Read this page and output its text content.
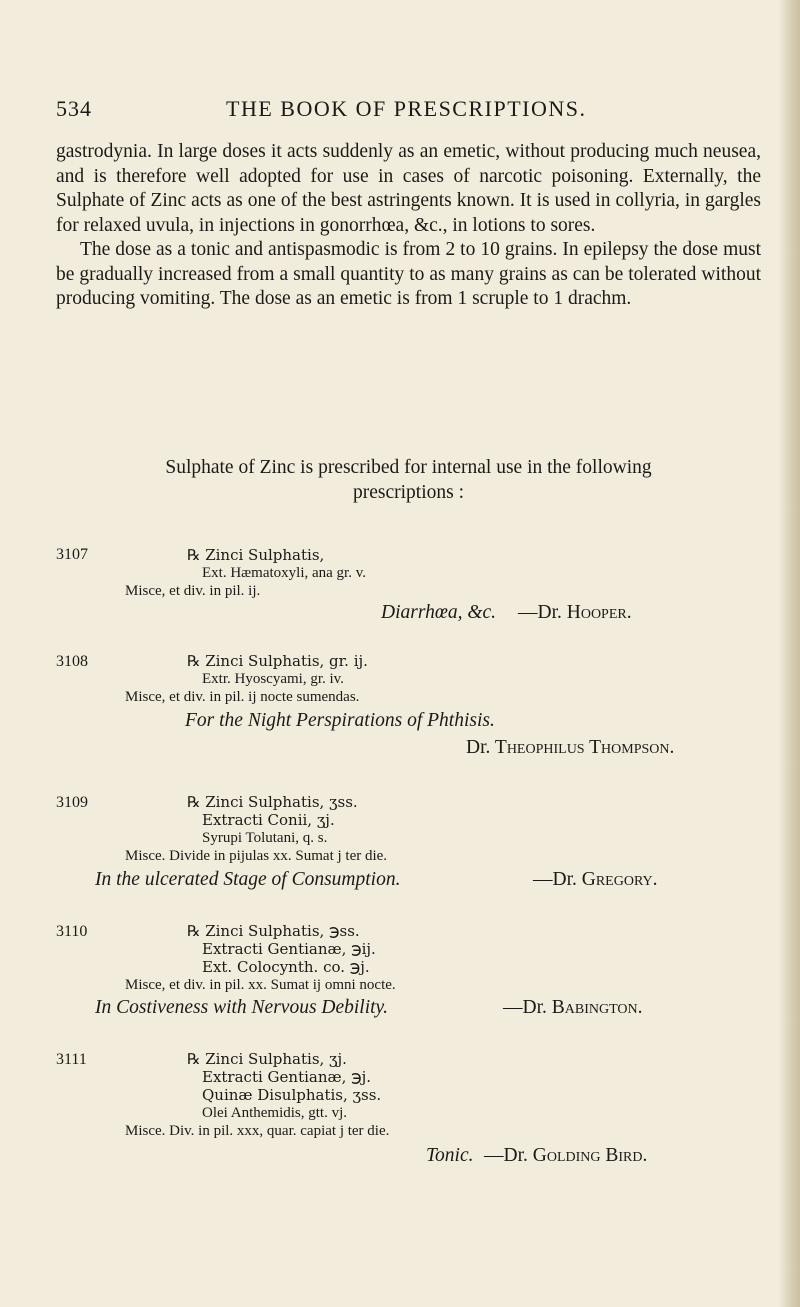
534	THE BOOK OF PRESCRIPTIONS.

gastrodynia. In large doses it acts suddenly as an emetic, without producing much neusea, and is therefore well adopted for use in cases of narcotic poisoning. Externally, the Sulphate of Zinc acts as one of the best astringents known. It is used in collyria, in gargles for relaxed uvula, in injections in gonorrhœa, &c., in lotions to sores.

The dose as a tonic and antispasmodic is from 2 to 10 grains. In epilepsy the dose must be gradually increased from a small quantity to as many grains as can be tolerated without producing vomiting. The dose as an emetic is from 1 scruple to 1 drachm.

Sulphate of Zinc is prescribed for internal use in the following
prescriptions :
3107	℞ Zinci Sulphatis,
Ext. Hæmatoxyli, ana gr. v.
Misce, et div. in pil. ij.
Diarrhœa, &c. —Dr. Hooper.
3108	℞ Zinci Sulphatis, gr. ij.
Extr. Hyoscyami, gr. iv.
Misce, et div. in pil. ij nocte sumendas.
For the Night Perspirations of Phthisis.
Dr. Theophilus Thompson.
3109	℞ Zinci Sulphatis, ʒss.
Extracti Conii, ʒj.
Syrupi Tolutani, q. s.
Misce. Divide in pijulas xx. Sumat j ter die.
In the ulcerated Stage of Consumption.	—Dr. Gregory.
3110	℞ Zinci Sulphatis, ℈ss.
Extracti Gentianæ, ℈ij.
Ext. Colocynth. co. ℈j.
Misce, et div. in pil. xx. Sumat ij omni nocte.
In Costiveness with Nervous Debility.	—Dr. Babington.
3111	℞ Zinci Sulphatis, ʒj.
Extracti Gentianæ, ℈j.
Quinæ Disulphatis, ʒss.
Olei Anthemidis, gtt. vj.
Misce. Div. in pil. xxx, quar. capiat j ter die.
Tonic. —Dr. Golding Bird.
